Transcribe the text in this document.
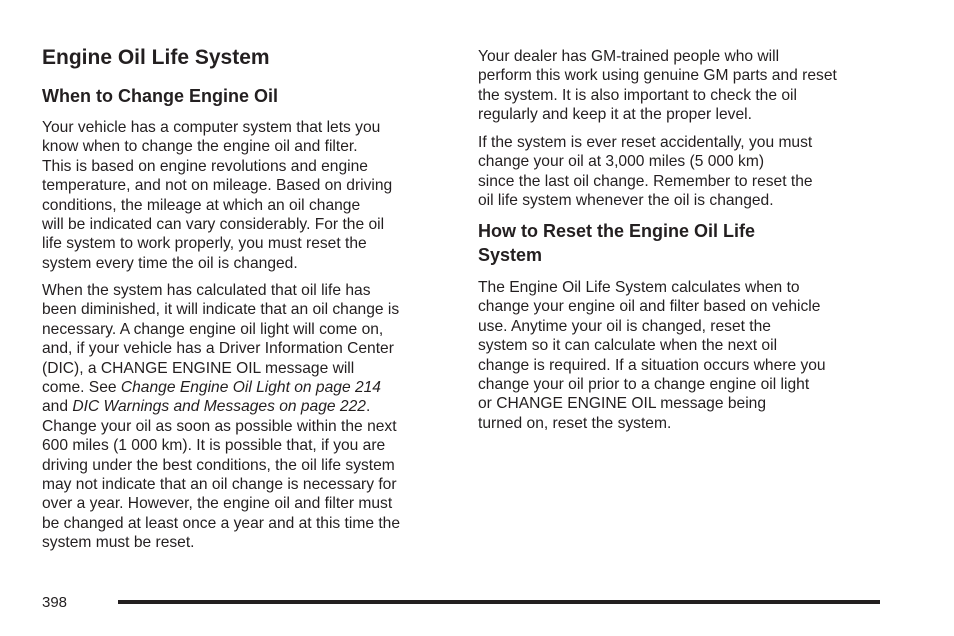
Engine Oil Life System
When to Change Engine Oil

Your vehicle has a computer system that lets you
know when to change the engine oil and filter.
This is based on engine revolutions and engine
temperature, and not on mileage. Based on driving
conditions, the mileage at which an oil change
will be indicated can vary considerably. For the oil
life system to work properly, you must reset the
system every time the oil is changed.

When the system has calculated that oil life has
been diminished, it will indicate that an oil change is
necessary. A change engine oil light will come on,
and, if your vehicle has a Driver Information Center
(DIC), a CHANGE ENGINE OIL message will
come. See Change Engine Oil Light on page 214
and DIC Warnings and Messages on page 222.
Change your oil as soon as possible within the next
600 miles (1 000 km). It is possible that, if you are
driving under the best conditions, the oil life system
may not indicate that an oil change is necessary for
over a year. However, the engine oil and filter must
be changed at least once a year and at this time the
system must be reset.

Your dealer has GM-trained people who will
perform this work using genuine GM parts and reset
the system. It is also important to check the oil
regularly and keep it at the proper level.

If the system is ever reset accidentally, you must
change your oil at 3,000 miles (5 000 km)
since the last oil change. Remember to reset the
oil life system whenever the oil is changed.

How to Reset the Engine Oil Life
System

The Engine Oil Life System calculates when to
change your engine oil and filter based on vehicle
use. Anytime your oil is changed, reset the
system so it can calculate when the next oil
change is required. If a situation occurs where you
change your oil prior to a change engine oil light
or CHANGE ENGINE OIL message being
turned on, reset the system.

398
